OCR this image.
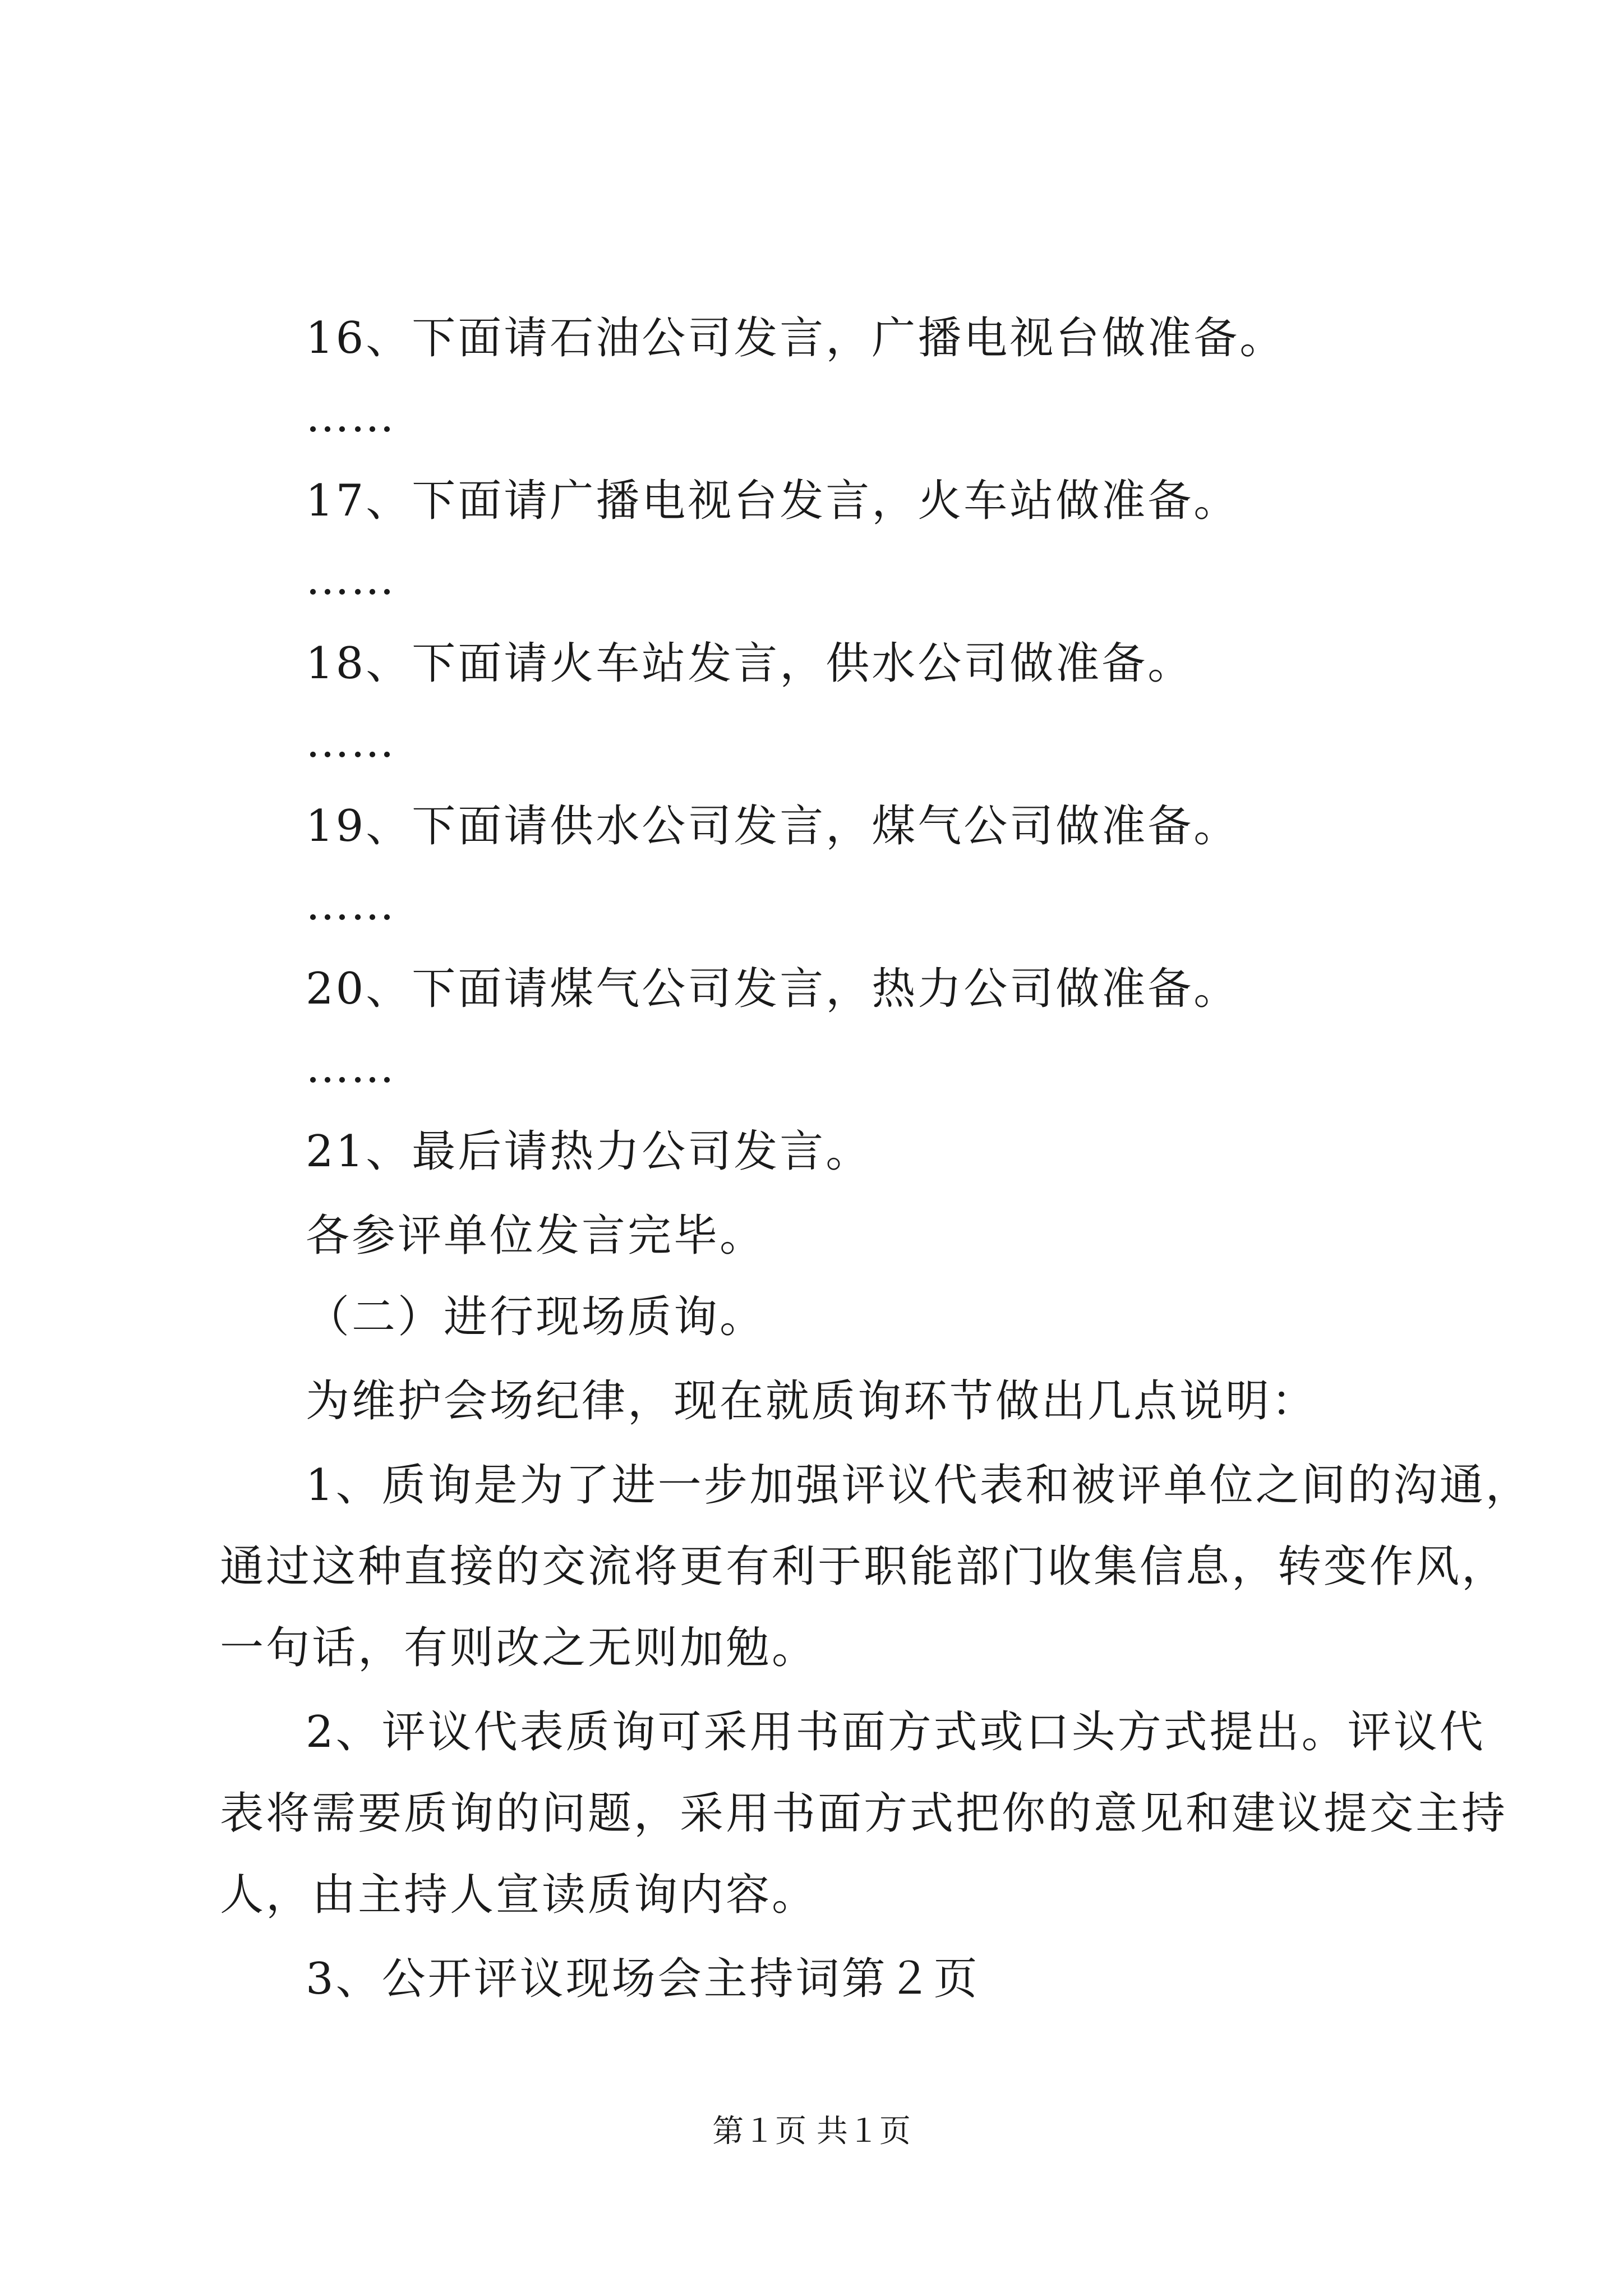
16、下面请石油公司发言，广播电视台做准备。
……
17、下面请广播电视台发言，火车站做准备。
……
18、下面请火车站发言，供水公司做准备。
……
19、下面请供水公司发言，煤气公司做准备。
……
20、下面请煤气公司发言，热力公司做准备。
……
21、最后请热力公司发言。
各参评单位发言完毕。
（二）进行现场质询。
为维护会场纪律，现在就质询环节做出几点说明：
1、质询是为了进一步加强评议代表和被评单位之间的沟通，
通过这种直接的交流将更有利于职能部门收集信息，转变作风，
一句话，有则改之无则加勉。
2、评议代表质询可采用书面方式或口头方式提出。评议代
表将需要质询的问题，采用书面方式把你的意见和建议提交主持
人，由主持人宣读质询内容。
3、公开评议现场会主持词第２页
第１页 共１页
